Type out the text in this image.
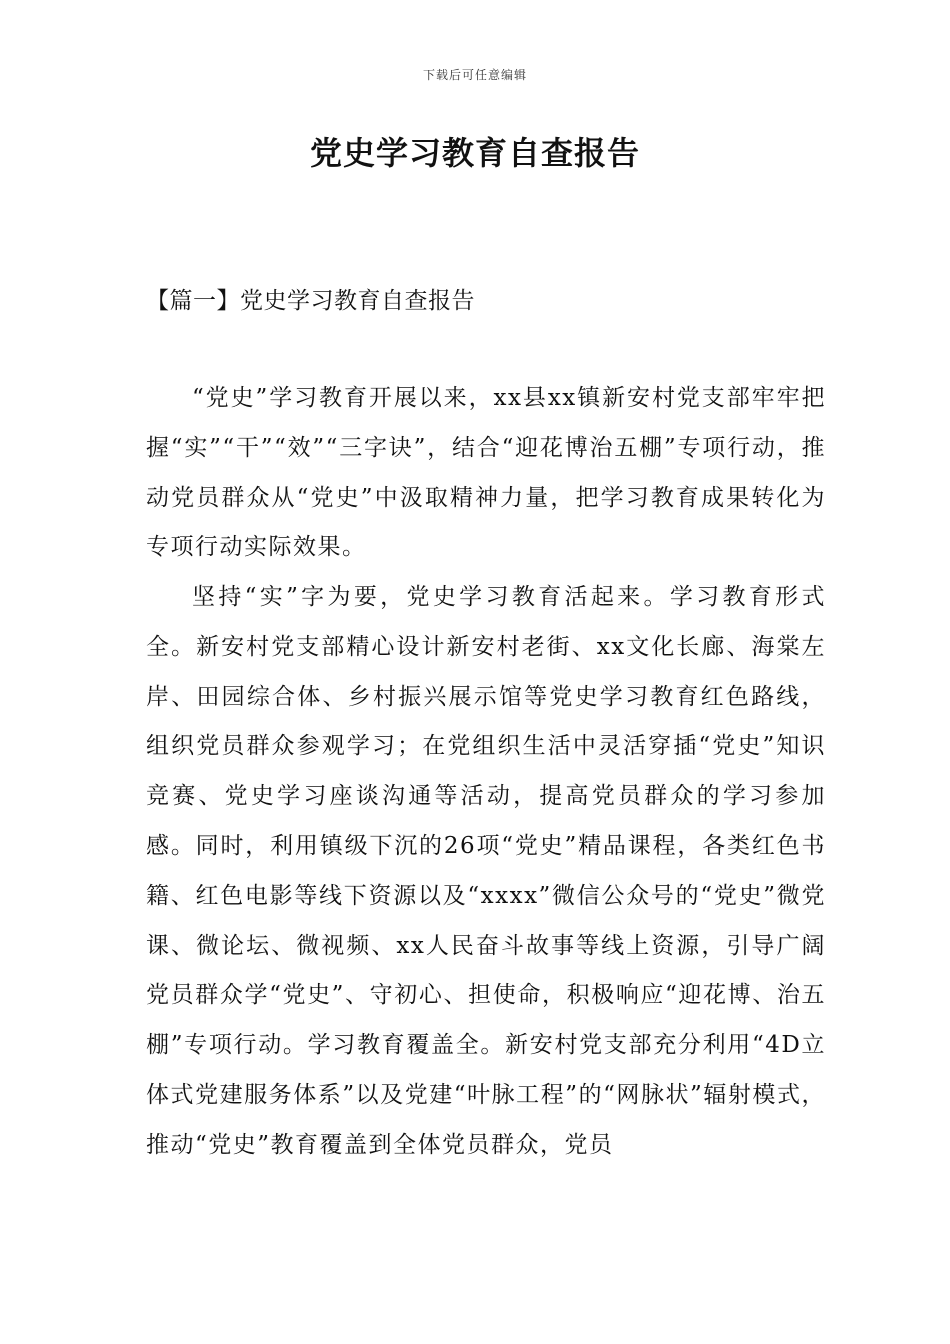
下载后可任意编辑
党史学习教育自查报告
【篇一】党史学习教育自查报告

“党史”学习教育开展以来，xx县xx镇新安村党支部牢牢把握“实”“干”“效”“三字诀”，结合“迎花博治五棚”专项行动，推动党员群众从“党史”中汲取精神力量，把学习教育成果转化为专项行动实际效果。

坚持“实”字为要，党史学习教育活起来。学习教育形式全。新安村党支部精心设计新安村老街、xx文化长廊、海棠左岸、田园综合体、乡村振兴展示馆等党史学习教育红色路线，组织党员群众参观学习；在党组织生活中灵活穿插“党史”知识竞赛、党史学习座谈沟通等活动，提高党员群众的学习参加感。同时，利用镇级下沉的26项“党史”精品课程，各类红色书籍、红色电影等线下资源以及“xxxx”微信公众号的“党史”微党课、微论坛、微视频、xx人民奋斗故事等线上资源，引导广阔党员群众学“党史”、守初心、担使命，积极响应“迎花博、治五棚”专项行动。学习教育覆盖全。新安村党支部充分利用“4D立体式党建服务体系”以及党建“叶脉工程”的“网脉状”辐射模式，推动“党史”教育覆盖到全体党员群众，党员
